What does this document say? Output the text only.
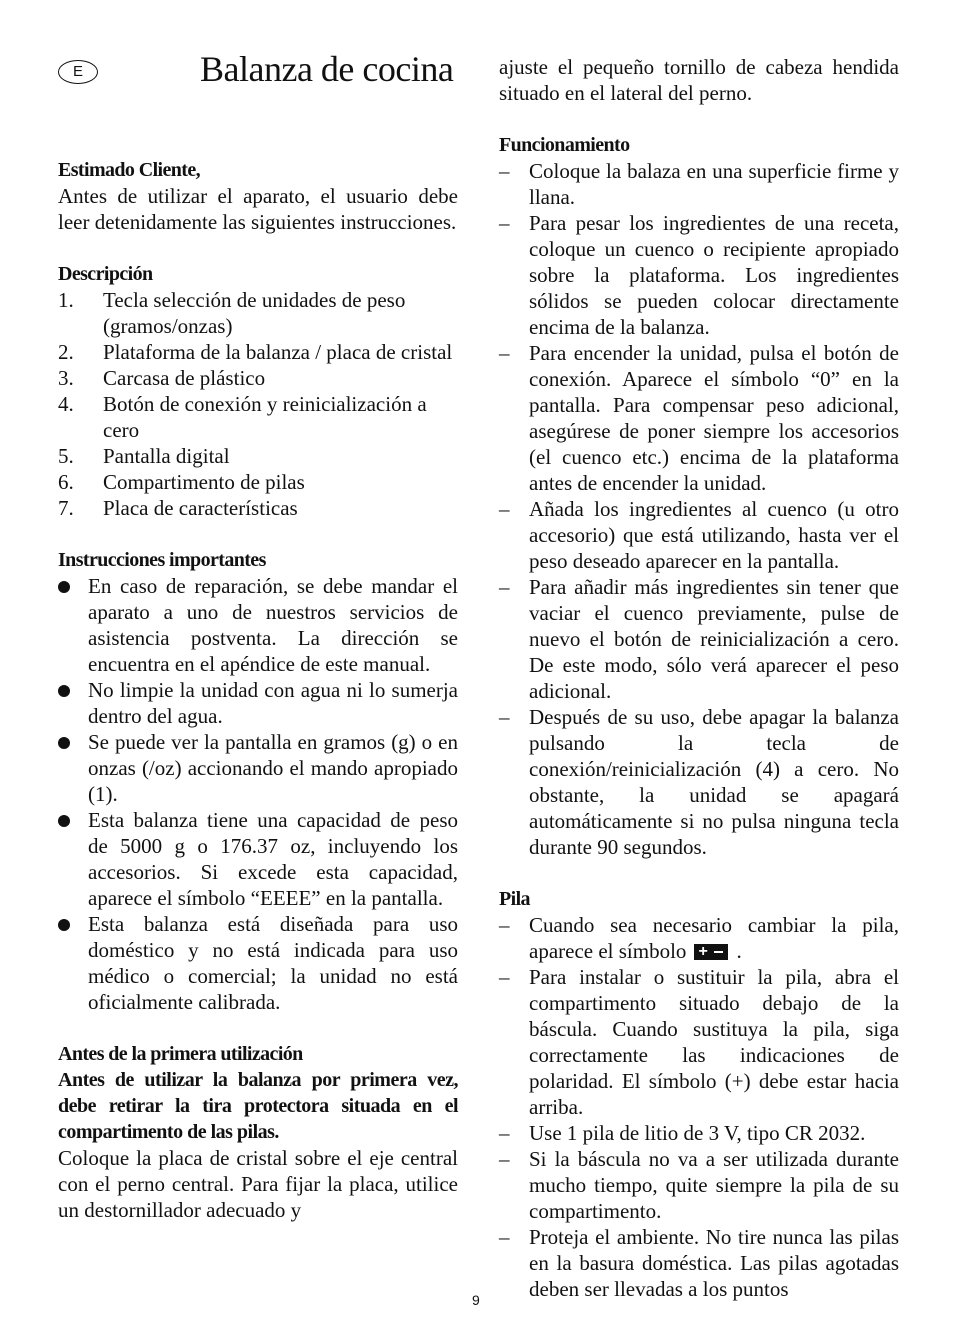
E	Balanza de cocina
Estimado Cliente,

Antes de utilizar el aparato, el usuario debe leer detenidamente las siguientes instrucciones.

Descripción
1. Tecla selección de unidades de peso (gramos/onzas)
2. Plataforma de la balanza / placa de cristal
3. Carcasa de plástico
4. Botón de conexión y reinicialización a cero
5. Pantalla digital
6. Compartimento de pilas
7. Placa de características
Instrucciones importantes
En caso de reparación, se debe mandar el aparato a uno de nuestros servicios de asistencia postventa. La dirección se encuentra en el apéndice de este manual.
No limpie la unidad con agua ni lo sumerja dentro del agua.
Se puede ver la pantalla en gramos (g) o en onzas (/oz) accionando el mando apropiado (1).
Esta balanza tiene una capacidad de peso de 5000 g o 176.37 oz, incluyendo los accesorios. Si excede esta capacidad, aparece el símbolo “EEEE” en la pantalla.
Esta balanza está diseñada para uso doméstico y no está indicada para uso médico o comercial; la unidad no está oficialmente calibrada.
Antes de la primera utilización

Antes de utilizar la balanza por primera vez, debe retirar la tira protectora situada en el compartimento de las pilas.

Coloque la placa de cristal sobre el eje central con el perno central. Para fijar la placa, utilice un destornillador adecuado y

ajuste el pequeño tornillo de cabeza hendida situado en el lateral del perno.

Funcionamiento
– Coloque la balaza en una superficie firme y llana.
– Para pesar los ingredientes de una receta, coloque un cuenco o recipiente apropiado sobre la plataforma. Los ingredientes sólidos se pueden colocar directamente encima de la balanza.
– Para encender la unidad, pulsa el botón de conexión. Aparece el símbolo “0” en la pantalla. Para compensar peso adicional, asegúrese de poner siempre los accesorios (el cuenco etc.) encima de la plataforma antes de encender la unidad.
– Añada los ingredientes al cuenco (u otro accesorio) que está utilizando, hasta ver el peso deseado aparecer en la pantalla.
– Para añadir más ingredientes sin tener que vaciar el cuenco previamente, pulse de nuevo el botón de reinicialización a cero. De este modo, sólo verá aparecer el peso adicional.
– Después de su uso, debe apagar la balanza pulsando la tecla de conexión/reinicialización (4) a cero. No obstante, la unidad se apagará automáticamente si no pulsa ninguna tecla durante 90 segundos.
Pila
– Cuando sea necesario cambiar la pila, aparece el símbolo+ .
– Para instalar o sustituir la pila, abra el compartimento situado debajo de la báscula. Cuando sustituya la pila, siga correctamente las indicaciones de polaridad. El símbolo (+) debe estar hacia arriba.
– Use 1 pila de litio de 3 V, tipo CR 2032.
– Si la báscula no va a ser utilizada durante mucho tiempo, quite siempre la pila de su compartimento.
– Proteja el ambiente. No tire nunca las pilas en la basura doméstica. Las pilas agotadas deben ser llevadas a los puntos
9
